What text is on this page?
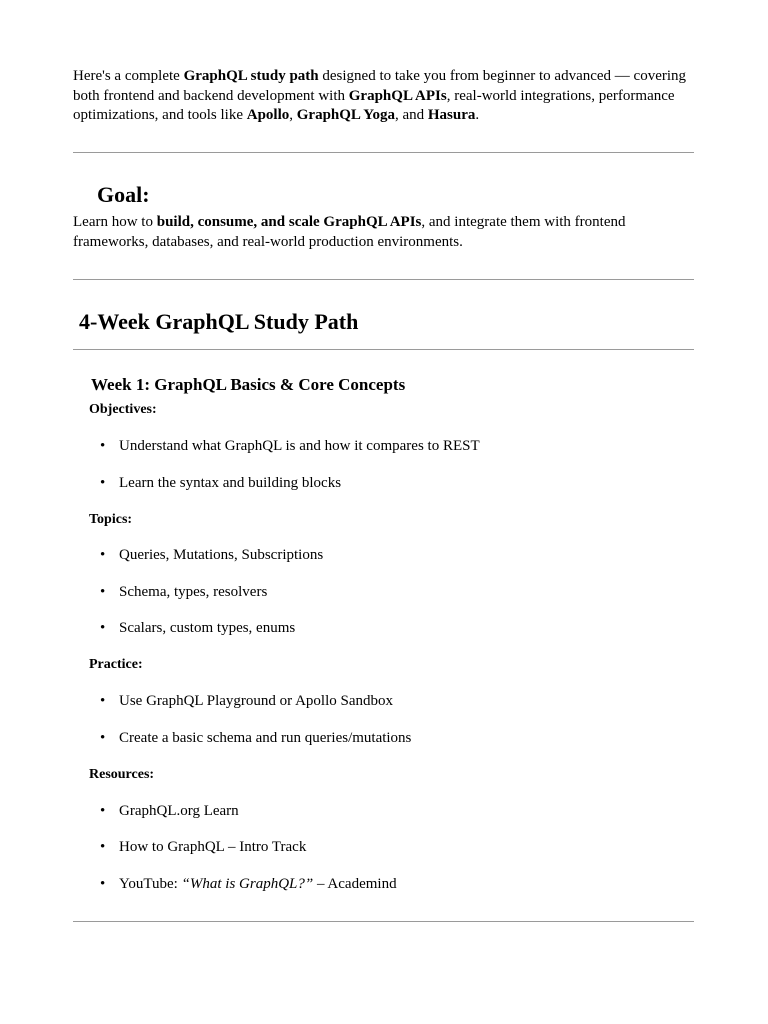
Here's a complete GraphQL study path designed to take you from beginner to advanced — covering both frontend and backend development with GraphQL APIs, real-world integrations, performance optimizations, and tools like Apollo, GraphQL Yoga, and Hasura.
Goal:
Learn how to build, consume, and scale GraphQL APIs, and integrate them with frontend frameworks, databases, and real-world production environments.
4-Week GraphQL Study Path
Week 1: GraphQL Basics & Core Concepts
Objectives:
• Understand what GraphQL is and how it compares to REST
• Learn the syntax and building blocks
Topics:
• Queries, Mutations, Subscriptions
• Schema, types, resolvers
• Scalars, custom types, enums
Practice:
• Use GraphQL Playground or Apollo Sandbox
• Create a basic schema and run queries/mutations
Resources:
• GraphQL.org Learn
• How to GraphQL – Intro Track
• YouTube: “What is GraphQL?” – Academind
